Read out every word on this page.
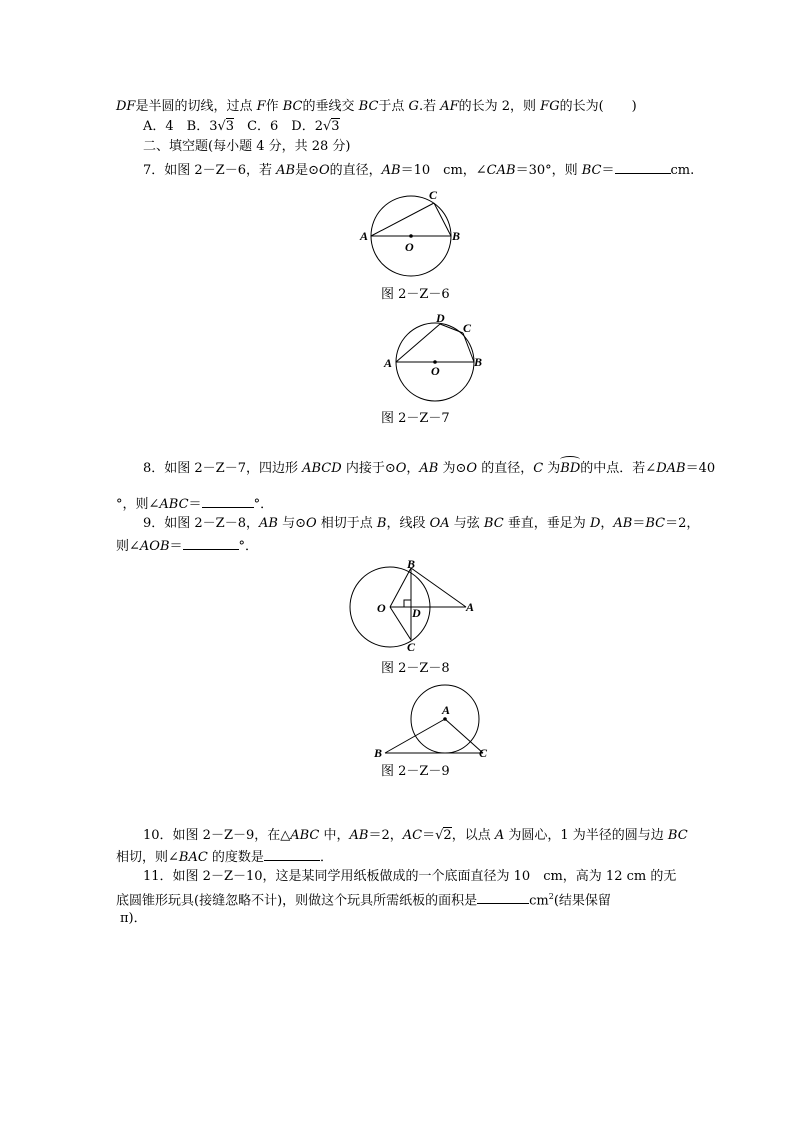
DF是半圆的切线，过点 F作 BC的垂线交 BC于点 G.若 AF的长为 2，则 FG的长为( )
A．4　B．3√3　C．6　D．2√3
二、填空题(每小题 4 分，共 28 分)
7．如图 2－Z－6，若 AB是⊙O的直径，AB＝10　cm，∠CAB＝30°，则 BC＝	cm.
A	B
C
O
图 2－Z－6
A	B
C
D
O
图 2－Z－7
8．如图 2－Z－7，四边形 ABCD 内接于⊙O，AB 为⊙O 的直径，C 为
BD的中点．若∠DAB＝40
°，则∠ABC＝	°．
9．如图 2－Z－8，AB 与⊙O 相切于点 B，线段 OA 与弦 BC 垂直，垂足为 D，AB＝BC＝2，
则∠AOB＝	°．
O
B
C
D	A
图 2－Z－8
A
B	C
图 2－Z－9
10．如图 2－Z－9，在△ABC 中，AB＝2，AC＝√2，以点 A 为圆心，1 为半径的圆与边 BC
相切，则∠BAC 的度数是	．
11．如图 2－Z－10，这是某同学用纸板做成的一个底面直径为 10　cm，高为 12 cm 的无
底圆锥形玩具(接缝忽略不计)，则做这个玩具所需纸板的面积是	$cm^2$(结果保留
π)．
